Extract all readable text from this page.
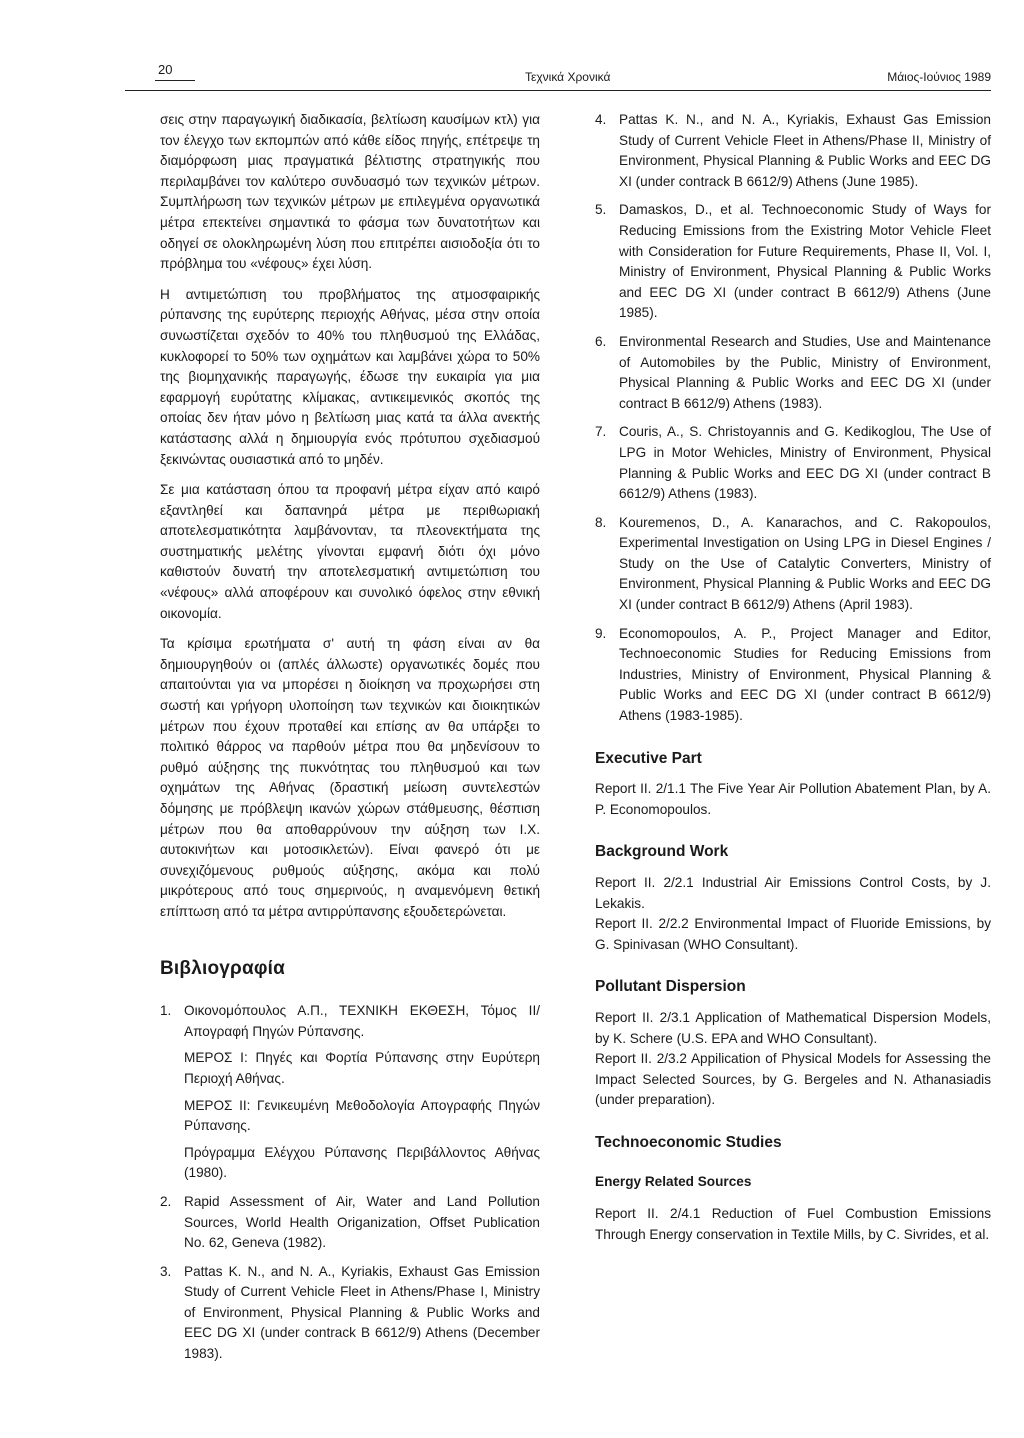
20	Τεχνικά Χρονικά	Μάιος-Ιούνιος 1989

σεις στην παραγωγική διαδικασία, βελτίωση καυσίμων κτλ) για τον έλεγχο των εκπομπών από κάθε είδος πηγής, επέτρεψε τη διαμόρφωση μιας πραγματικά βέλτιστης στρατηγικής που περιλαμβάνει τον καλύτερο συνδυασμό των τεχνικών μέτρων. Συμπλήρωση των τεχνικών μέτρων με επιλεγμένα οργανωτικά μέτρα επεκτείνει σημαντικά το φάσμα των δυνατοτήτων και οδηγεί σε ολοκληρωμένη λύση που επιτρέπει αισιοδοξία ότι το πρόβλημα του «νέφους» έχει λύση.

Η αντιμετώπιση του προβλήματος της ατμοσφαιρικής ρύπανσης της ευρύτερης περιοχής Αθήνας, μέσα στην οποία συνωστίζεται σχεδόν το 40% του πληθυσμού της Ελλάδας, κυκλοφορεί το 50% των οχημάτων και λαμβάνει χώρα το 50% της βιομηχανικής παραγωγής, έδωσε την ευκαιρία για μια εφαρμογή ευρύτατης κλίμακας, αντικειμενικός σκοπός της οποίας δεν ήταν μόνο η βελτίωση μιας κατά τα άλλα ανεκτής κατάστασης αλλά η δημιουργία ενός πρότυπου σχεδιασμού ξεκινώντας ουσιαστικά από το μηδέν.

Σε μια κατάσταση όπου τα προφανή μέτρα είχαν από καιρό εξαντληθεί και δαπανηρά μέτρα με περιθωριακή αποτελεσματικότητα λαμβάνονταν, τα πλεονεκτήματα της συστηματικής μελέτης γίνονται εμφανή διότι όχι μόνο καθιστούν δυνατή την αποτελεσματική αντιμετώπιση του «νέφους» αλλά αποφέρουν και συνολικό όφελος στην εθνική οικονομία.

Τα κρίσιμα ερωτήματα σ' αυτή τη φάση είναι αν θα δημιουργηθούν οι (απλές άλλωστε) οργανωτικές δομές που απαιτούνται για να μπορέσει η διοίκηση να προχωρήσει στη σωστή και γρήγορη υλοποίηση των τεχνικών και διοικητικών μέτρων που έχουν προταθεί και επίσης αν θα υπάρξει το πολιτικό θάρρος να παρθούν μέτρα που θα μηδενίσουν το ρυθμό αύξησης της πυκνότητας του πληθυσμού και των οχημάτων της Αθήνας (δραστική μείωση συντελεστών δόμησης με πρόβλεψη ικανών χώρων στάθμευσης, θέσπιση μέτρων που θα αποθαρρύνουν την αύξηση των Ι.Χ. αυτοκινήτων και μοτοσικλετών). Είναι φανερό ότι με συνεχιζόμενους ρυθμούς αύξησης, ακόμα και πολύ μικρότερους από τους σημερινούς, η αναμενόμενη θετική επίπτωση από τα μέτρα αντιρρύπανσης εξουδετερώνεται.

Βιβλιογραφία
1. Οικονομόπουλος Α.Π., ΤΕΧΝΙΚΗ ΕΚΘΕΣΗ, Τόμος ΙΙ/Απογραφή Πηγών Ρύπανσης.
ΜΕΡΟΣ Ι: Πηγές και Φορτία Ρύπανσης στην Ευρύτερη Περιοχή Αθήνας.
ΜΕΡΟΣ ΙΙ: Γενικευμένη Μεθοδολογία Απογραφής Πηγών Ρύπανσης.
Πρόγραμμα Ελέγχου Ρύπανσης Περιβάλλοντος Αθήνας (1980).
2. Rapid Assessment of Air, Water and Land Pollution Sources, World Health Origanization, Offset Publication No. 62, Geneva (1982).
3. Pattas K. N., and N. A., Kyriakis, Exhaust Gas Emission Study of Current Vehicle Fleet in Athens/Phase I, Ministry of Environment, Physical Planning & Public Works and EEC DG XI (under contrack B 6612/9) Athens (December 1983).
4. Pattas K. N., and N. A., Kyriakis, Exhaust Gas Emission Study of Current Vehicle Fleet in Athens/Phase II, Ministry of Environment, Physical Planning & Public Works and EEC DG XI (under contrack B 6612/9) Athens (June 1985).
5. Damaskos, D., et al. Technoeconomic Study of Ways for Reducing Emissions from the Existring Motor Vehicle Fleet with Consideration for Future Requirements, Phase II, Vol. I, Ministry of Environment, Physical Planning & Public Works and EEC DG XI (under contract B 6612/9) Athens (June 1985).
6. Environmental Research and Studies, Use and Maintenance of Automobiles by the Public, Ministry of Environment, Physical Planning & Public Works and EEC DG XI (under contract B 6612/9) Athens (1983).
7. Couris, A., S. Christoyannis and G. Kedikoglou, The Use of LPG in Motor Wehicles, Ministry of Environment, Physical Planning & Public Works and EEC DG XI (under contract B 6612/9) Athens (1983).
8. Kouremenos, D., A. Kanarachos, and C. Rakopoulos, Experimental Investigation on Using LPG in Diesel Engines / Study on the Use of Catalytic Converters, Ministry of Environment, Physical Planning & Public Works and EEC DG XI (under contract B 6612/9) Athens (April 1983).
9. Economopoulos, A. P., Project Manager and Editor, Technoeconomic Studies for Reducing Emissions from Industries, Ministry of Environment, Physical Planning & Public Works and EEC DG XI (under contract B 6612/9) Athens (1983-1985).
Executive Part

Report II. 2/1.1 The Five Year Air Pollution Abatement Plan, by A. P. Economopoulos.

Background Work

Report II. 2/2.1 Industrial Air Emissions Control Costs, by J. Lekakis.

Report II. 2/2.2 Environmental Impact of Fluoride Emissions, by G. Spinivasan (WHO Consultant).

Pollutant Dispersion

Report II. 2/3.1 Application of Mathematical Dispersion Models, by K. Schere (U.S. EPA and WHO Consultant).

Report II. 2/3.2 Appilication of Physical Models for Assessing the Impact Selected Sources, by G. Bergeles and N. Athanasiadis (under preparation).

Technoeconomic Studies
Energy Related Sources

Report II. 2/4.1 Reduction of Fuel Combustion Emissions Through Energy conservation in Textile Mills, by C. Sivrides, et al.
